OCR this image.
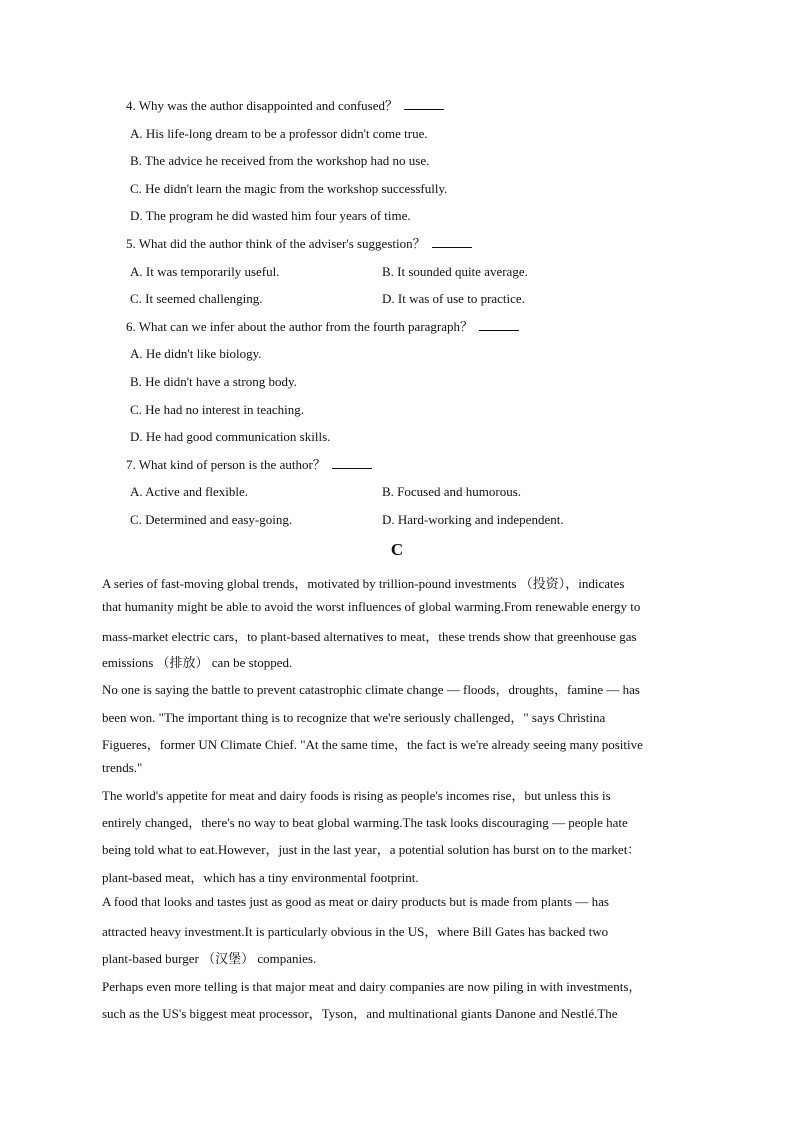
4. Why was the author disappointed and confused？
A. His life-long dream to be a professor didn't come true.
B. The advice he received from the workshop had no use.
C. He didn't learn the magic from the workshop successfully.
D. The program he did wasted him four years of time.
5. What did the author think of the adviser's suggestion？
A. It was temporarily useful.	B. It sounded quite average.
C. It seemed challenging.	D. It was of use to practice.
6. What can we infer about the author from the fourth paragraph？
A. He didn't like biology.
B. He didn't have a strong body.
C. He had no interest in teaching.
D. He had good communication skills.
7. What kind of person is the author？
A. Active and flexible.	B. Focused and humorous.
C. Determined and easy-going.	D. Hard-working and independent.
C
A series of fast-moving global trends，motivated by trillion-pound investments （投资），indicates
that humanity might be able to avoid the worst influences of global warming.From renewable energy to
mass-market electric cars，to plant-based alternatives to meat，these trends show that greenhouse gas
emissions （排放） can be stopped.
No one is saying the battle to prevent catastrophic climate change — floods，droughts，famine — has
been won. "The important thing is to recognize that we're seriously challenged，" says Christina
Figueres，former UN Climate Chief. "At the same time，the fact is we're already seeing many positive
trends."
The world's appetite for meat and dairy foods is rising as people's incomes rise，but unless this is
entirely changed，there's no way to beat global warming.The task looks discouraging — people hate
being told what to eat.However，just in the last year，a potential solution has burst on to the market：
plant-based meat，which has a tiny environmental footprint.
A food that looks and tastes just as good as meat or dairy products but is made from plants — has
attracted heavy investment.It is particularly obvious in the US，where Bill Gates has backed two
plant-based burger （汉堡） companies.
Perhaps even more telling is that major meat and dairy companies are now piling in with investments，
such as the US's biggest meat processor，Tyson，and multinational giants Danone and Nestlé.The
